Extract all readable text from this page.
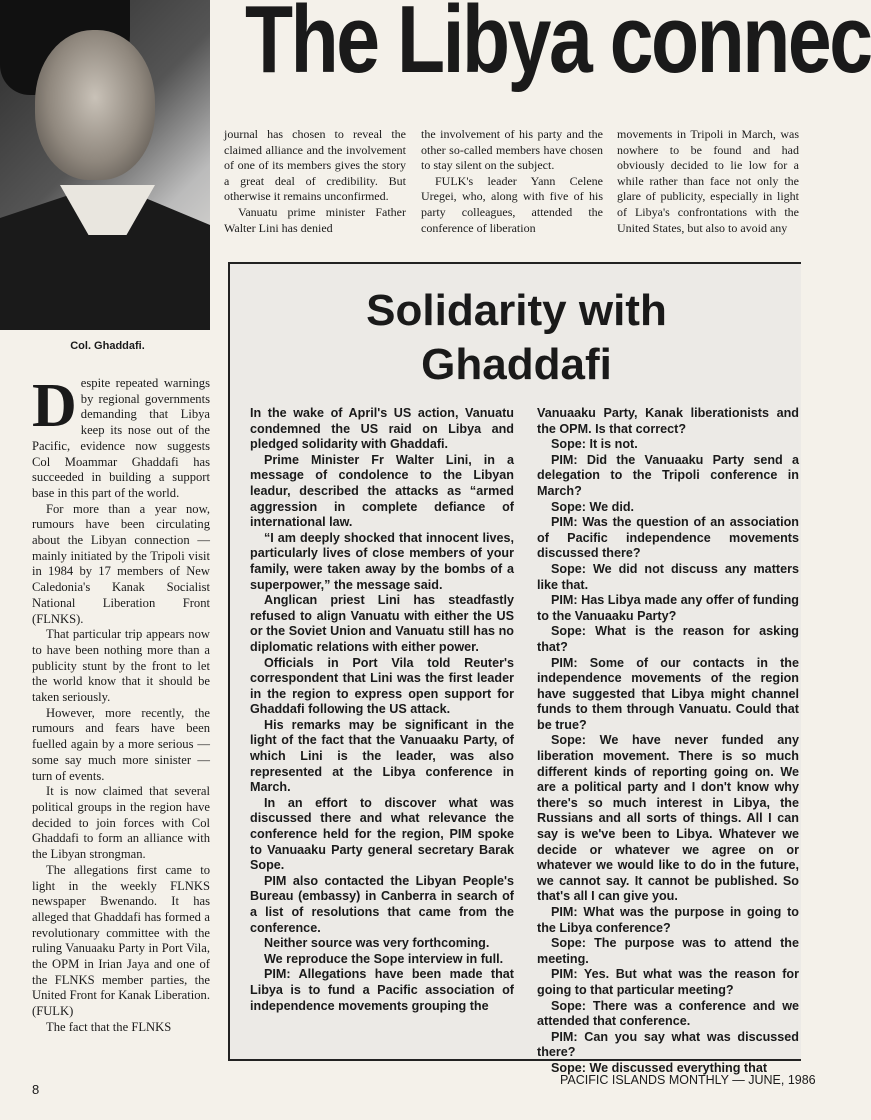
Col. Ghaddafi.
The Libya connec

journal has chosen to reveal the claimed alliance and the involvement of one of its members gives the story a great deal of credibility. But otherwise it remains unconfirmed.

Vanuatu prime minister Father Walter Lini has denied

the involvement of his party and the other so-called members have chosen to stay silent on the subject.

FULK's leader Yann Celene Uregei, who, along with five of his party colleagues, attended the conference of liberation

movements in Tripoli in March, was nowhere to be found and had obviously decided to lie low for a while rather than face not only the glare of publicity, especially in light of Libya's confrontations with the United States, but also to avoid any

D espite repeated warnings by regional governments demanding that Libya keep its nose out of the Pacific, evidence now suggests Col Moammar Ghaddafi has succeeded in building a support base in this part of the world.

For more than a year now, rumours have been circulating about the Libyan connection — mainly initiated by the Tripoli visit in 1984 by 17 members of New Caledonia's Kanak Socialist National Liberation Front (FLNKS).

That particular trip appears now to have been nothing more than a publicity stunt by the front to let the world know that it should be taken seriously.

However, more recently, the rumours and fears have been fuelled again by a more serious — some say much more sinister — turn of events.

It is now claimed that several political groups in the region have decided to join forces with Col Ghaddafi to form an alliance with the Libyan strongman.

The allegations first came to light in the weekly FLNKS newspaper Bwenando. It has alleged that Ghaddafi has formed a revolutionary committee with the ruling Vanuaaku Party in Port Vila, the OPM in Irian Jaya and one of the FLNKS member parties, the United Front for Kanak Liberation. (FULK)

The fact that the FLNKS

Solidarity with
Ghaddafi

In the wake of April's US action, Vanuatu condemned the US raid on Libya and pledged solidarity with Ghaddafi.

Prime Minister Fr Walter Lini, in a message of condolence to the Libyan leadur, described the attacks as “armed aggression in complete defiance of international law.

“I am deeply shocked that innocent lives, particularly lives of close members of your family, were taken away by the bombs of a superpower,” the message said.

Anglican priest Lini has steadfastly refused to align Vanuatu with either the US or the Soviet Union and Vanuatu still has no diplomatic relations with either power.

Officials in Port Vila told Reuter's correspondent that Lini was the first leader in the region to express open support for Ghaddafi following the US attack.

His remarks may be significant in the light of the fact that the Vanuaaku Party, of which Lini is the leader, was also represented at the Libya conference in March.

In an effort to discover what was discussed there and what relevance the conference held for the region, PIM spoke to Vanuaaku Party general secretary Barak Sope.

PIM also contacted the Libyan People's Bureau (embassy) in Canberra in search of a list of resolutions that came from the conference.

Neither source was very forthcoming.

We reproduce the Sope interview in full.

PIM: Allegations have been made that Libya is to fund a Pacific association of independence movements grouping the

Vanuaaku Party, Kanak liberationists and the OPM. Is that correct?

Sope: It is not.

PIM: Did the Vanuaaku Party send a delegation to the Tripoli conference in March?

Sope: We did.

PIM: Was the question of an association of Pacific independence movements discussed there?

Sope: We did not discuss any matters like that.

PIM: Has Libya made any offer of funding to the Vanuaaku Party?

Sope: What is the reason for asking that?

PIM: Some of our contacts in the independence movements of the region have suggested that Libya might channel funds to them through Vanuatu. Could that be true?

Sope: We have never funded any liberation movement. There is so much different kinds of reporting going on. We are a political party and I don't know why there's so much interest in Libya, the Russians and all sorts of things. All I can say is we've been to Libya. Whatever we decide or whatever we agree on or whatever we would like to do in the future, we cannot say. It cannot be published. So that's all I can give you.

PIM: What was the purpose in going to the Libya conference?

Sope: The purpose was to attend the meeting.

PIM: Yes. But what was the reason for going to that particular meeting?

Sope: There was a conference and we attended that conference.

PIM: Can you say what was discussed there?

Sope: We discussed everything that

8
PACIFIC ISLANDS MONTHLY — JUNE, 1986
